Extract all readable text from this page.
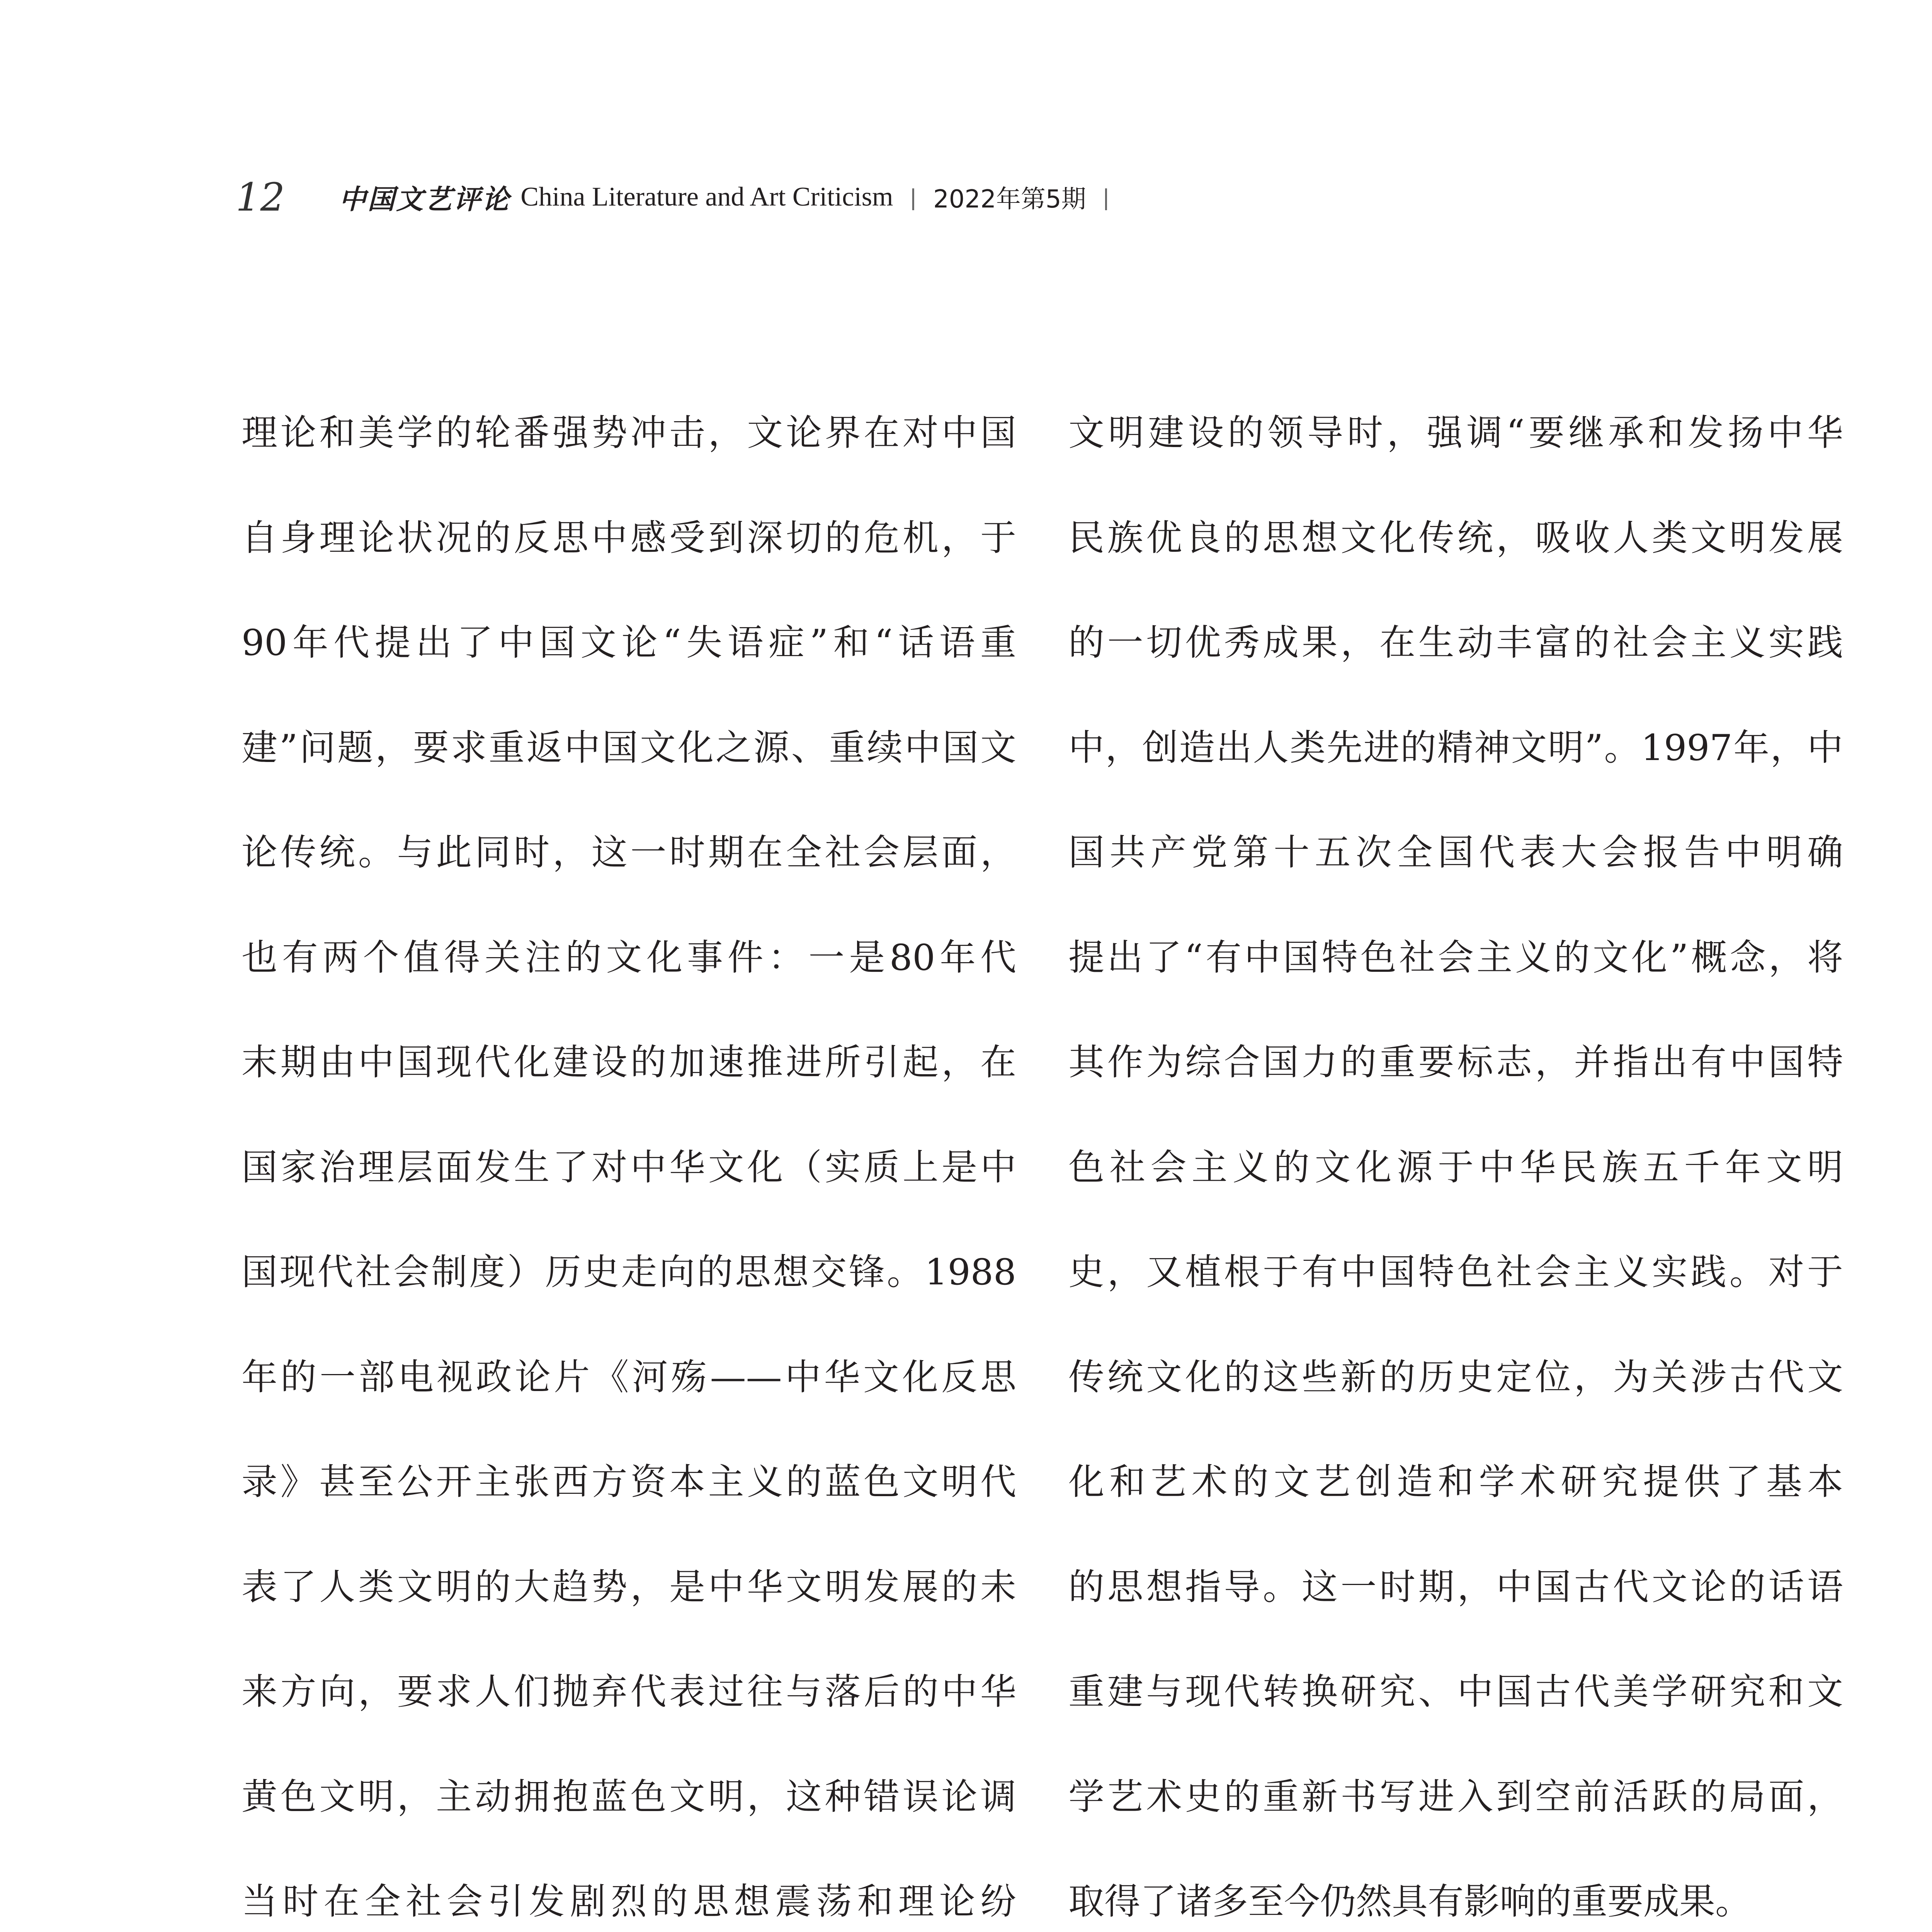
12 中国文艺评论 China Literature and Art Criticism | 2022年第5期 |
理论和美学的轮番强势冲击，文论界在对中国
自身理论状况的反思中感受到深切的危机，于
90年代提出了中国文论“失语症”和“话语重
建”问题，要求重返中国文化之源、重续中国文
论传统。与此同时，这一时期在全社会层面，
也有两个值得关注的文化事件：一是80年代
末期由中国现代化建设的加速推进所引起，在
国家治理层面发生了对中华文化（实质上是中
国现代社会制度）历史走向的思想交锋。1988
年的一部电视政论片《河殇——中华文化反思
录》甚至公开主张西方资本主义的蓝色文明代
表了人类文明的大趋势，是中华文明发展的未
来方向，要求人们抛弃代表过往与落后的中华
黄色文明，主动拥抱蓝色文明，这种错误论调
当时在全社会引发剧烈的思想震荡和理论纷
文明建设的领导时，强调“要继承和发扬中华
民族优良的思想文化传统，吸收人类文明发展
的一切优秀成果，在生动丰富的社会主义实践
中，创造出人类先进的精神文明”。1997年，中
国共产党第十五次全国代表大会报告中明确
提出了“有中国特色社会主义的文化”概念，将
其作为综合国力的重要标志，并指出有中国特
色社会主义的文化源于中华民族五千年文明
史，又植根于有中国特色社会主义实践。对于
传统文化的这些新的历史定位，为关涉古代文
化和艺术的文艺创造和学术研究提供了基本
的思想指导。这一时期，中国古代文论的话语
重建与现代转换研究、中国古代美学研究和文
学艺术史的重新书写进入到空前活跃的局面，
取得了诸多至今仍然具有影响的重要成果。
